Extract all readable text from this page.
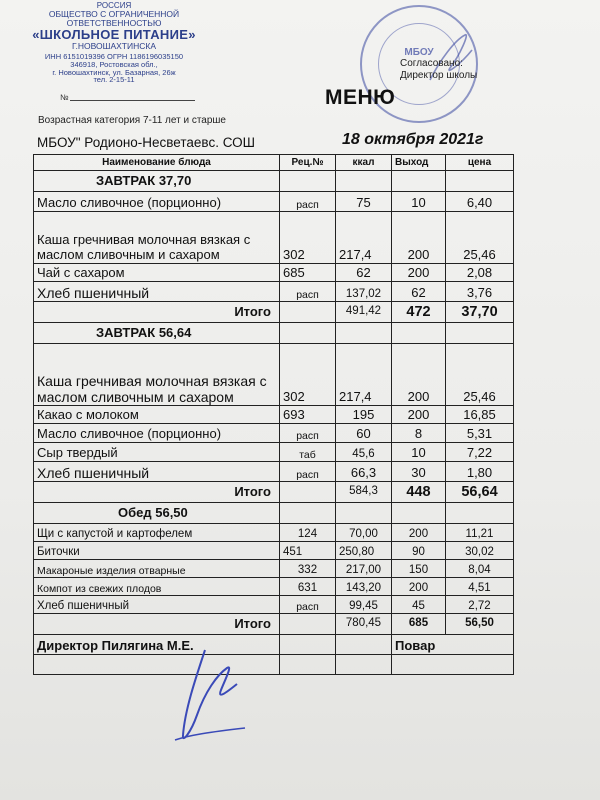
РОССИЯ
ОБЩЕСТВО С ОГРАНИЧЕННОЙ
ОТВЕТСТВЕННОСТЬЮ
«ШКОЛЬНОЕ ПИТАНИЕ»
Г.НОВОШАХТИНСКА
ИНН 6151019396 ОГРН 1186196035150
346918, Ростовская обл.,
г. Новошахтинск, ул. Базарная, 26ж
тел. 2-15-11
№
МБОУ
Согласовано:
Директор школы
МЕНЮ
Возрастная категория 7-11 лет и старше
МБОУ" Родионо-Несветаевс. СОШ	18 октября 2021г
Наименование блюда	Рец.№	ккал	Выход	цена
ЗАВТРАК 37,70				
Масло сливочное (порционно)	расп	75	10	6,40
Каша гречнивая молочная вязкая с маслом сливочным и сахаром	302	217,4	200	25,46
Чай с сахаром	685	62	200	2,08
Хлеб пшеничный	расп	137,02	62	3,76
Итого		491,42	472	37,70
ЗАВТРАК 56,64				
Каша гречнивая молочная вязкая с маслом сливочным и сахаром	302	217,4	200	25,46
Какао с молоком	693	195	200	16,85
Масло сливочное (порционно)	расп	60	8	5,31
Сыр твердый	таб	45,6	10	7,22
Хлеб пшеничный	расп	66,3	30	1,80
Итого		584,3	448	56,64
Обед 56,50				
Щи с капустой и картофелем	124	70,00	200	11,21
Биточки	451	250,80	90	30,02
Макароные изделия отварные	332	217,00	150	8,04
Компот из свежих плодов	631	143,20	200	4,51
Хлеб пшеничный	расп	99,45	45	2,72
Итого		780,45	685	56,50
Директор Пилягина М.Е.			Повар	
